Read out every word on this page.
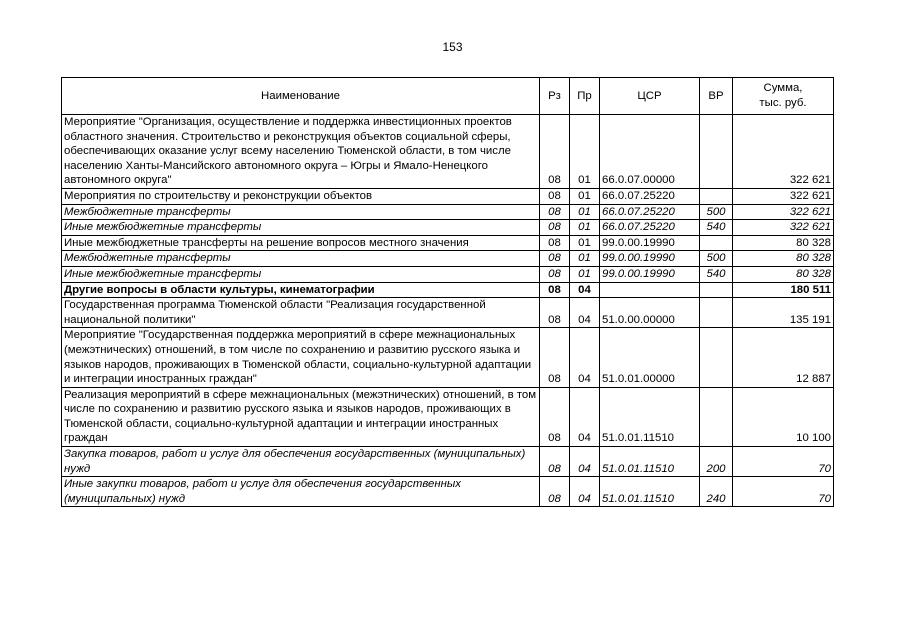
153
Наименование	Рз	Пр	ЦСР	ВР	Сумма,
тыс. руб.

Мероприятие "Организация, осуществление и поддержка инвестиционных проектов областного значения. Строительство и реконструкция объектов социальной сферы, обеспечивающих оказание услуг всему населению Тюменской области, в том числе населению Ханты-Мансийского автономного округа – Югры и Ямало-Ненецкого автономного округа"	08	01	66.0.07.00000		322 621
Мероприятия по строительству и реконструкции объектов	08	01	66.0.07.25220		322 621
Межбюджетные трансферты	08	01	66.0.07.25220	500	322 621
Иные межбюджетные трансферты	08	01	66.0.07.25220	540	322 621
Иные межбюджетные трансферты на решение вопросов местного значения	08	01	99.0.00.19990		80 328
Межбюджетные трансферты	08	01	99.0.00.19990	500	80 328
Иные межбюджетные трансферты	08	01	99.0.00.19990	540	80 328
Другие вопросы в области культуры, кинематографии	08	04			180 511
Государственная программа Тюменской области "Реализация государственной национальной политики"	08	04	51.0.00.00000		135 191
Мероприятие "Государственная поддержка мероприятий в сфере межнациональных (межэтнических) отношений, в том числе по сохранению и развитию русского языка и языков народов, проживающих в Тюменской области, социально-культурной адаптации и интеграции иностранных граждан"	08	04	51.0.01.00000		12 887
Реализация мероприятий в сфере межнациональных (межэтнических) отношений, в том числе по сохранению и развитию русского языка и языков народов, проживающих в Тюменской области, социально-культурной адаптации и интеграции иностранных граждан	08	04	51.0.01.11510		10 100
Закупка товаров, работ и услуг для обеспечения государственных (муниципальных) нужд	08	04	51.0.01.11510	200	70
Иные закупки товаров, работ и услуг для обеспечения государственных (муниципальных) нужд	08	04	51.0.01.11510	240	70
